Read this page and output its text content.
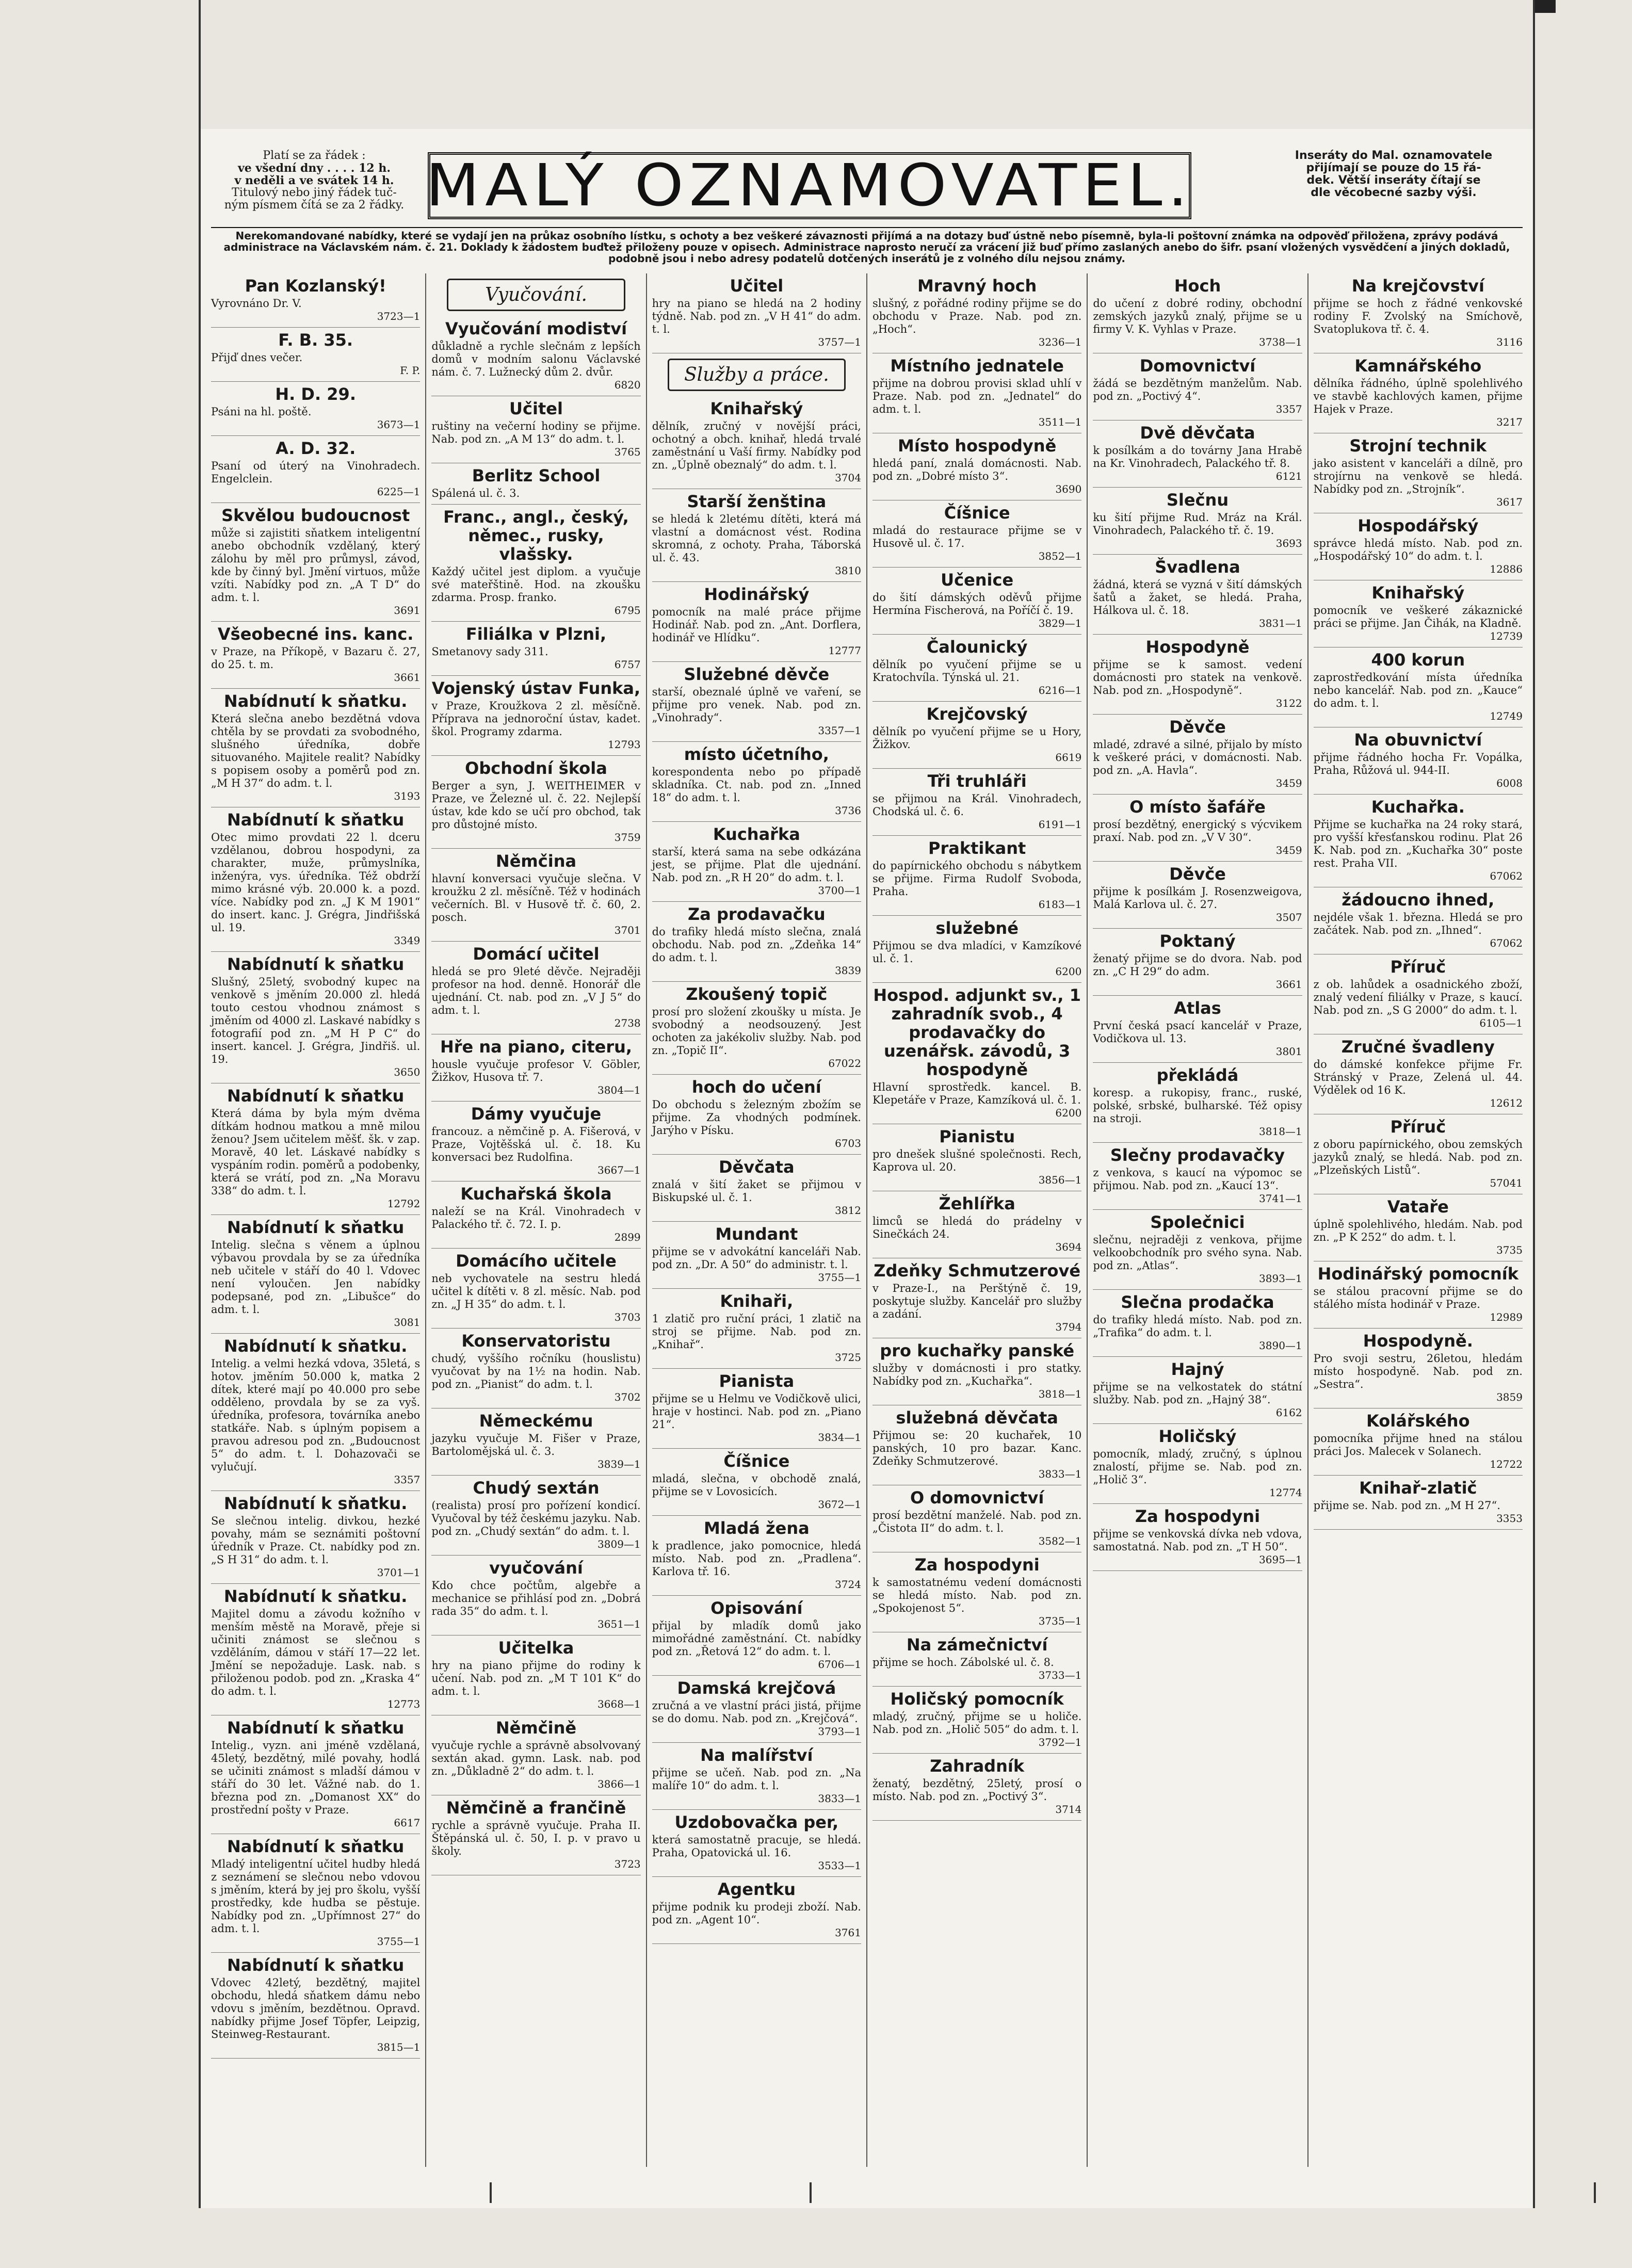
Platí se za řádek :
ve všední dny . . . . 12 h.
v neděli a ve svátek 14 h.
Titulový nebo jiný řádek tuč-
ným písmem čítá se za 2 řádky. MALÝ OZNAMOVATEL.	Inseráty do Mal. oznamovatele
přijímají se pouze do 15 řá-
dek. Větší inseráty čítají se
dle věcobecné sazby výši.
Nerekomandované nabídky, které se vydají jen na průkaz osobního lístku, s ochoty a bez veškeré závaznosti přijímá a na dotazy buď ústně nebo písemně, byla-li poštovní známka na odpověď přiložena, zprávy podává administrace na Václavském nám. č. 21. Doklady k žádostem buďtež přiloženy pouze v opisech. Administrace naprosto neručí za vrácení již buď přímo zaslaných anebo do šifr. psaní vložených vysvědčení a jiných dokladů, podobně jsou i nebo adresy podatelů dotčených inserátů je z volného dílu nejsou známy.
Pan Kozlanský!

Vyrovnáno Dr. V.

3723—1

F. B. 35.

Přijď dnes večer.

F. P.

H. D. 29.

Psáni na hl. poště.

3673—1

A. D. 32.

Psaní od úterý na Vinohradech. Engelclein.

6225—1

Skvělou budoucnost

může si zajistiti sňatkem inteligentní anebo obchodník vzdělaný, který zálohu by měl pro průmysl, závod, kde by činný byl. Jmění virtuos, může vzíti. Nabídky pod zn. „A T D“ do adm. t. l.

3691

Všeobecné ins. kanc.

v Praze, na Příkopě, v Bazaru č. 27, do 25. t. m.

3661

Nabídnutí k sňatku.

Která slečna anebo bezdětná vdova chtěla by se provdati za svobodného, slušného úředníka, dobře situovaného. Majitele realit? Nabídky s popisem osoby a poměrů pod zn. „M H 37“ do adm. t. l.

3193

Nabídnutí k sňatku

Otec mimo provdati 22 l. dceru vzdělanou, dobrou hospodyni, za charakter, muže, průmyslníka, inženýra, vys. úředníka. Též obdrží mimo krásné výb. 20.000 k. a pozd. více. Nabídky pod zn. „J K M 1901“ do insert. kanc. J. Grégra, Jindřišská ul. 19.

3349

Nabídnutí k sňatku

Slušný, 25letý, svobodný kupec na venkově s jměním 20.000 zl. hledá touto cestou vhodnou známost s jměním od 4000 zl. Laskavé nabídky s fotografií pod zn. „M H P C“ do insert. kancel. J. Grégra, Jindřiš. ul. 19.

3650

Nabídnutí k sňatku

Která dáma by byla mým dvěma dítkám hodnou matkou a mně milou ženou? Jsem učitelem měšť. šk. v zap. Moravě, 40 let. Láskavé nabídky s vyspáním rodin. poměrů a podobenky, která se vrátí, pod zn. „Na Moravu 338“ do adm. t. l.

12792

Nabídnutí k sňatku

Intelig. slečna s věnem a úplnou výbavou provdala by se za úředníka neb učitele v stáří do 40 l. Vdovec není vyloučen. Jen nabídky podepsané, pod zn. „Libušce“ do adm. t. l.

3081

Nabídnutí k sňatku.

Intelig. a velmi hezká vdova, 35letá, s hotov. jměním 50.000 k, matka 2 dítek, které mají po 40.000 pro sebe odděleno, provdala by se za vyš. úředníka, profesora, továrníka anebo statkáře. Nab. s úplným popisem a pravou adresou pod zn. „Budoucnost 5“ do adm. t. l. Dohazovači se vylučují.

3357

Nabídnutí k sňatku.

Se slečnou intelig. divkou, hezké povahy, mám se seznámiti poštovní úředník v Praze. Ct. nabídky pod zn. „S H 31“ do adm. t. l.

3701—1

Nabídnutí k sňatku.

Majitel domu a závodu kožního v menším městě na Moravě, přeje si učiniti známost se slečnou s vzděláním, dámou v stáří 17—22 let. Jmění se nepožaduje. Lask. nab. s přiloženou podob. pod zn. „Kraska 4“ do adm. t. l.

12773

Nabídnutí k sňatku

Intelig., vyzn. ani jméně vzdělaná, 45letý, bezdětný, milé povahy, hodlá se učiniti známost s mladší dámou v stáří do 30 let. Vážné nab. do 1. března pod zn. „Domanost XX“ do prostřední pošty v Praze.

6617

Nabídnutí k sňatku

Mladý inteligentní učitel hudby hledá z seznámení se slečnou nebo vdovou s jměním, která by jej pro školu, vyšší prostředky, kde hudba se pěstuje. Nabídky pod zn. „Upřímnost 27“ do adm. t. l.

3755—1

Nabídnutí k sňatku

Vdovec 42letý, bezdětný, majitel obchodu, hledá sňatkem dámu nebo vdovu s jměním, bezdětnou. Opravd. nabídky přijme Josef Töpfer, Leipzig, Steinweg-Restaurant.

3815—1

Vyučování.
Vyučování modiství

důkladně a rychle slečnám z lepších domů v modním salonu Václavské nám. č. 7. Lužnecký dům 2. dvůr.

6820

Učitel

ruštiny na večerní hodiny se přijme. Nab. pod zn. „A M 13“ do adm. t. l.

3765

Berlitz School

Spálená ul. č. 3.

Franc., angl., český, němec., rusky, vlašsky.

Každý učitel jest diplom. a vyučuje své mateřštině. Hod. na zkoušku zdarma. Prosp. franko.

6795

Filiálka v Plzni,

Smetanovy sady 311.

6757

Vojenský ústav Funka,

v Praze, Kroužkova 2 zl. měsíčně. Příprava na jednoroční ústav, kadet. škol. Programy zdarma.

12793

Obchodní škola

Berger a syn, J. WEITHEIMER v Praze, ve Železné ul. č. 22. Nejlepší ústav, kde kdo se učí pro obchod, tak pro důstojné místo.

3759

Němčina

hlavní konversaci vyučuje slečna. V kroužku 2 zl. měsíčně. Též v hodinách večerních. Bl. v Husově tř. č. 60, 2. posch.

3701

Domácí učitel

hledá se pro 9leté děvče. Nejraději profesor na hod. denně. Honorář dle ujednání. Ct. nab. pod zn. „V J 5“ do adm. t. l.

2738

Hře na piano, citeru,

housle vyučuje profesor V. Göbler, Žižkov, Husova tř. 7.

3804—1

Dámy vyučuje

francouz. a němčině p. A. Fišerová, v Praze, Vojtěšská ul. č. 18. Ku konversaci bez Rudolfina.

3667—1

Kuchařská škola

naleží se na Král. Vinohradech v Palackého tř. č. 72. I. p.

2899

Domácího učitele

neb vychovatele na sestru hledá učitel k dítěti v. 8 zl. měsíc. Nab. pod zn. „J H 35“ do adm. t. l.

3703

Konservatoristu

chudý, vyššího ročníku (houslistu) vyučovat by na 1½ na hodin. Nab. pod zn. „Pianist“ do adm. t. l.

3702

Německému

jazyku vyučuje M. Fišer v Praze, Bartolomějská ul. č. 3.

3839—1

Chudý sextán

(realista) prosí pro pořízení kondicí. Vyučoval by též českému jazyku. Nab. pod zn. „Chudý sextán“ do adm. t. l.

3809—1

vyučování

Kdo chce počtům, algebře a mechanice se přihlásí pod zn. „Dobrá rada 35“ do adm. t. l.

3651—1

Učitelka

hry na piano přijme do rodiny k učení. Nab. pod zn. „M T 101 K“ do adm. t. l.

3668—1

Němčině

vyučuje rychle a správně absolvovaný sextán akad. gymn. Lask. nab. pod zn. „Důkladně 2“ do adm. t. l.

3866—1

Němčině a frančině

rychle a správně vyučuje. Praha II. Štěpánská ul. č. 50, I. p. v pravo u školy.

3723

Učitel

hry na piano se hledá na 2 hodiny týdně. Nab. pod zn. „V H 41“ do adm. t. l.

3757—1

Služby a práce.
Knihařský

dělník, zručný v novější práci, ochotný a obch. knihař, hledá trvalé zaměstnání u Vaší firmy. Nabídky pod zn. „Úplně obeznalý“ do adm. t. l.

3704

Starší ženština

se hledá k 2letému dítěti, která má vlastní a domácnost vést. Rodina skromná, z ochoty. Praha, Táborská ul. č. 43.

3810

Hodinářský

pomocník na malé práce přijme Hodinář. Nab. pod zn. „Ant. Dorflera, hodinář ve Hlídku“.

12777

Služebné děvče

starší, obeznalé úplně ve vaření, se přijme pro venek. Nab. pod zn. „Vinohrady“.

3357—1

místo účetního,

korespondenta nebo po případě skladníka. Ct. nab. pod zn. „Inned 18“ do adm. t. l.

3736

Kuchařka

starší, která sama na sebe odkázána jest, se přijme. Plat dle ujednání. Nab. pod zn. „R H 20“ do adm. t. l.

3700—1

Za prodavačku

do trafiky hledá místo slečna, znalá obchodu. Nab. pod zn. „Zdeňka 14“ do adm. t. l.

3839

Zkoušený topič

prosí pro složení zkoušky u místa. Je svobodný a neodsouzený. Jest ochoten za jakékoliv služby. Nab. pod zn. „Topič II“.

67022

hoch do učení

Do obchodu s železným zbožím se přijme. Za vhodných podmínek. Jarýho v Písku.

6703

Děvčata

znalá v šití žaket se přijmou v Biskupské ul. č. 1.

3812

Mundant

přijme se v advokátní kanceláři Nab. pod zn. „Dr. A 50“ do administr. t. l.

3755—1

Knihaři,

1 zlatič pro ruční práci, 1 zlatič na stroj se přijme. Nab. pod zn. „Knihař“.

3725

Pianista

přijme se u Helmu ve Vodičkově ulici, hraje v hostinci. Nab. pod zn. „Piano 21“.

3834—1

Číšnice

mladá, slečna, v obchodě znalá, přijme se v Lovosicích.

3672—1

Mladá žena

k pradlence, jako pomocnice, hledá místo. Nab. pod zn. „Pradlena“. Karlova tř. 16.

3724

Opisování

přijal by mladík domů jako mimořádné zaměstnání. Ct. nabídky pod zn. „Řetová 12“ do adm. t. l.

6706—1

Damská krejčová

zručná a ve vlastní práci jistá, přijme se do domu. Nab. pod zn. „Krejčová“.

3793—1

Na malířství

přijme se učeň. Nab. pod zn. „Na malíře 10“ do adm. t. l.

3833—1

Uzdobovačka per,

která samostatně pracuje, se hledá. Praha, Opatovická ul. 16.

3533—1

Agentku

přijme podnik ku prodeji zboží. Nab. pod zn. „Agent 10“.

3761

Mravný hoch

slušný, z pořádné rodiny přijme se do obchodu v Praze. Nab. pod zn. „Hoch“.

3236—1

Místního jednatele

přijme na dobrou provisi sklad uhlí v Praze. Nab. pod zn. „Jednatel“ do adm. t. l.

3511—1

Místo hospodyně

hledá paní, znalá domácnosti. Nab. pod zn. „Dobré místo 3“.

3690

Číšnice

mladá do restaurace přijme se v Husově ul. č. 17.

3852—1

Učenice

do šití dámských oděvů přijme Hermína Fischerová, na Poříčí č. 19.

3829—1

Čalounický

dělník po vyučení přijme se u Kratochvíla. Týnská ul. 21.

6216—1

Krejčovský

dělník po vyučení přijme se u Hory, Žižkov.

6619

Tři truhláři

se přijmou na Král. Vinohradech, Chodská ul. č. 6.

6191—1

Praktikant

do papírnického obchodu s nábytkem se přijme. Firma Rudolf Svoboda, Praha.

6183—1

služebné

Přijmou se dva mladíci, v Kamzíkové ul. č. 1.

6200

Hospod. adjunkt sv., 1 zahradník svob., 4 prodavačky do uzenářsk. závodů, 3 hospodyně

Hlavní sprostředk. kancel. B. Klepetáře v Praze, Kamzíková ul. č. 1.

6200

Pianistu

pro dnešek slušné společnosti. Rech, Kaprova ul. 20.

3856—1

Žehlířka

limců se hledá do prádelny v Sinečkách 24.

3694

Zdeňky Schmutzerové

v Praze-I., na Perštýně č. 19, poskytuje služby. Kancelář pro služby a zadání.

3794

pro kuchařky panské

služby v domácnosti i pro statky. Nabídky pod zn. „Kuchařka“.

3818—1

služebná děvčata

Přijmou se: 20 kuchařek, 10 panských, 10 pro bazar. Kanc. Zdeňky Schmutzerové.

3833—1

O domovnictví

prosí bezdětní manželé. Nab. pod zn. „Čistota II“ do adm. t. l.

3582—1

Za hospodyni

k samostatnému vedení domácnosti se hledá místo. Nab. pod zn. „Spokojenost 5“.

3735—1

Na zámečnictví

přijme se hoch. Zábolské ul. č. 8.

3733—1

Holičský pomocník

mladý, zručný, přijme se u holiče. Nab. pod zn. „Holič 505“ do adm. t. l.

3792—1

Zahradník

ženatý, bezdětný, 25letý, prosí o místo. Nab. pod zn. „Poctivý 3“.

3714

Hoch

do učení z dobré rodiny, obchodní zemských jazyků znalý, přijme se u firmy V. K. Vyhlas v Praze.

3738—1

Domovnictví

žádá se bezdětným manželům. Nab. pod zn. „Poctivý 4“.

3357

Dvě děvčata

k posílkám a do továrny Jana Hrabě na Kr. Vinohradech, Palackého tř. 8.

6121

Slečnu

ku šití přijme Rud. Mráz na Král. Vinohradech, Palackého tř. č. 19.

3693

Švadlena

žádná, která se vyzná v šití dámských šatů a žaket, se hledá. Praha, Hálkova ul. č. 18.

3831—1

Hospodyně

přijme se k samost. vedení domácnosti pro statek na venkově. Nab. pod zn. „Hospodyně“.

3122

Děvče

mladé, zdravé a silné, přijalo by místo k veškeré práci, v domácnosti. Nab. pod zn. „A. Havla“.

3459

O místo šafáře

prosí bezdětný, energický s výcvikem praxí. Nab. pod zn. „V V 30“.

3459

Děvče

přijme k posílkám J. Rosenzweigova, Malá Karlova ul. č. 27.

3507

Poktaný

ženatý přijme se do dvora. Nab. pod zn. „C H 29“ do adm.

3661

Atlas

První česká psací kancelář v Praze, Vodičkova ul. 13.

3801

překládá

koresp. a rukopisy, franc., ruské, polské, srbské, bulharské. Též opisy na stroji.

3818—1

Slečny prodavačky

z venkova, s kaucí na výpomoc se přijmou. Nab. pod zn. „Kaucí 13“.

3741—1

Společnici

slečnu, nejraději z venkova, přijme velkoobchodník pro svého syna. Nab. pod zn. „Atlas“.

3893—1

Slečna prodačka

do trafiky hledá místo. Nab. pod zn. „Trafika“ do adm. t. l.

3890—1

Hajný

přijme se na velkostatek do státní služby. Nab. pod zn. „Hajný 38“.

6162

Holičský

pomocník, mladý, zručný, s úplnou znalostí, přijme se. Nab. pod zn. „Holič 3“.

12774

Za hospodyni

přijme se venkovská dívka neb vdova, samostatná. Nab. pod zn. „T H 50“.

3695—1

Na krejčovství

přijme se hoch z řádné venkovské rodiny F. Zvolský na Smíchově, Svatoplukova tř. č. 4.

3116

Kamnářského

dělníka řádného, úplně spolehlivého ve stavbě kachlových kamen, přijme Hajek v Praze.

3217

Strojní technik

jako asistent v kanceláři a dílně, pro strojírnu na venkově se hledá. Nabídky pod zn. „Strojník“.

3617

Hospodářský

správce hledá místo. Nab. pod zn. „Hospodářský 10“ do adm. t. l.

12886

Knihařský

pomocník ve veškeré zákaznické práci se přijme. Jan Čihák, na Kladně.

12739

400 korun

zaprostředkování místa úředníka nebo kancelář. Nab. pod zn. „Kauce“ do adm. t. l.

12749

Na obuvnictví

přijme řádného hocha Fr. Vopálka, Praha, Růžová ul. 944-II.

6008

Kuchařka.

Přijme se kuchařka na 24 roky stará, pro vyšší křesťanskou rodinu. Plat 26 K. Nab. pod zn. „Kuchařka 30“ poste rest. Praha VII.

67062

žádoucno ihned,

nejdéle však 1. března. Hledá se pro začátek. Nab. pod zn. „Ihned“.

67062

Příruč

z ob. lahůdek a osadnického zboží, znalý vedení filiálky v Praze, s kaucí. Nab. pod zn. „S G 2000“ do adm. t. l.

6105—1

Zručné švadleny

do dámské konfekce přijme Fr. Stránský v Praze, Zelená ul. 44. Výdělek od 16 K.

12612

Příruč

z oboru papírnického, obou zemských jazyků znalý, se hledá. Nab. pod zn. „Plzeňských Listů“.

57041

Vataře

úplně spolehlivého, hledám. Nab. pod zn. „P K 252“ do adm. t. l.

3735

Hodinářský pomocník

se stálou pracovní přijme se do stálého místa hodinář v Praze.

12989

Hospodyně.

Pro svoji sestru, 26letou, hledám místo hospodyně. Nab. pod zn. „Sestra“.

3859

Kolářského

pomocníka přijme hned na stálou práci Jos. Malecek v Solanech.

12722

Knihař-zlatič

přijme se. Nab. pod zn. „M H 27“.

3353
